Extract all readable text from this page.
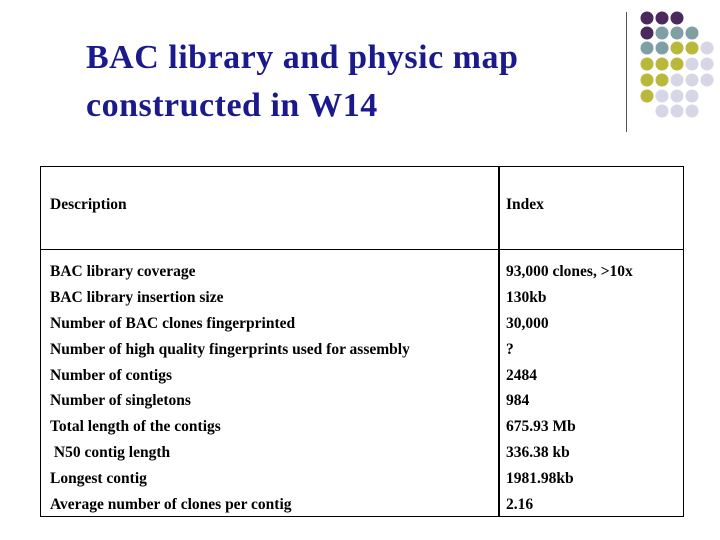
BAC library and physic map
constructed in W14
Description	Index
BAC library coverage
BAC library insertion size
Number of BAC clones fingerprinted
Number of high quality fingerprints used for assembly
Number of contigs
Number of singletons
Total length of the contigs
N50 contig length
Longest contig
Average number of clones per contig
93,000 clones, >10x
130kb
30,000
?
2484
984
675.93 Mb
336.38 kb
1981.98kb
2.16
